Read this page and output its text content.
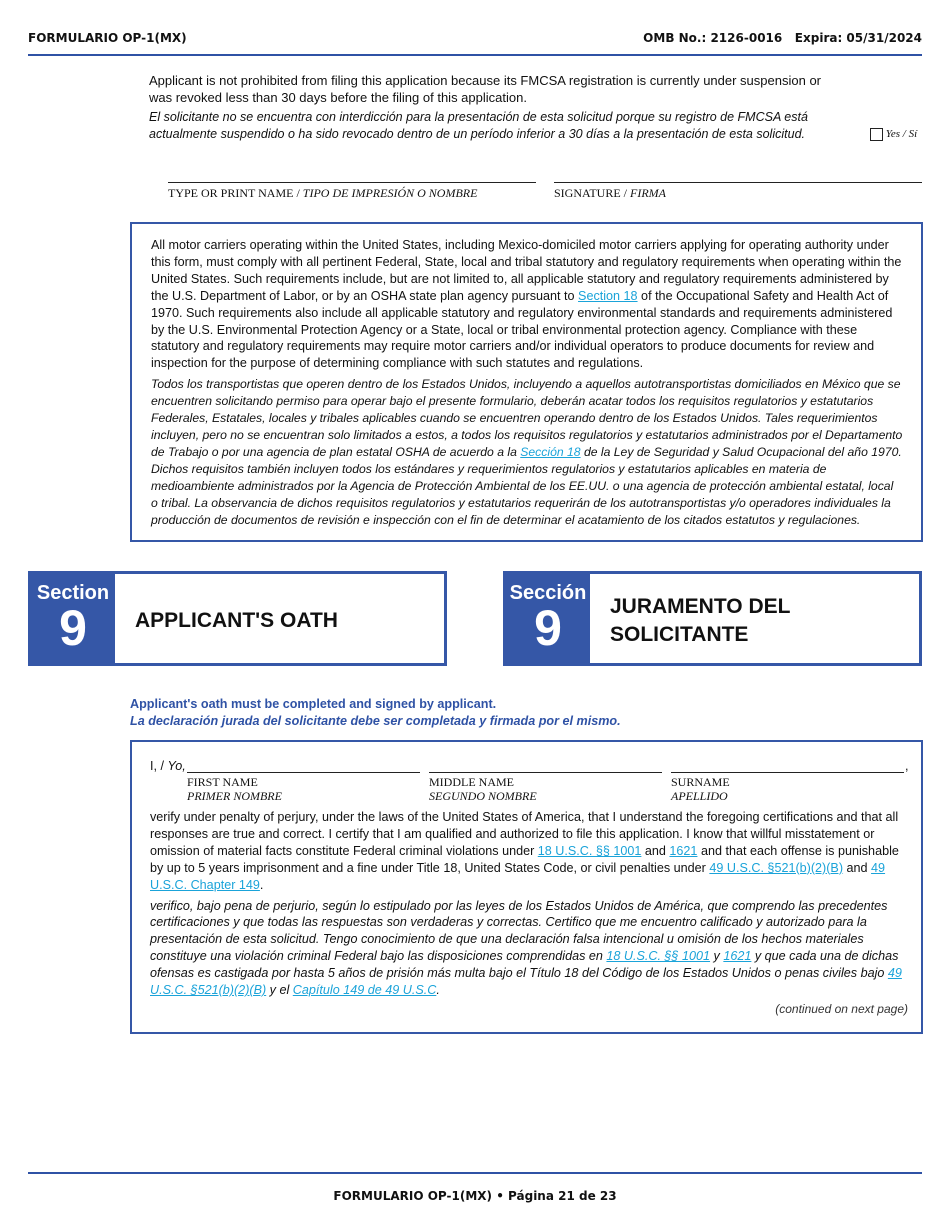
FORMULARIO OP-1(MX)	OMB No.: 2126-0016 Expira: 05/31/2024

Applicant is not prohibited from filing this application because its FMCSA registration is currently under suspension or was revoked less than 30 days before the filing of this application.

El solicitante no se encuentra con interdicción para la presentación de esta solicitud porque su registro de FMCSA está actualmente suspendido o ha sido revocado dentro de un período inferior a 30 días a la presentación de esta solicitud.	Yes / Sí
TYPE OR PRINT NAME / TIPO DE IMPRESIÓN O NOMBRE	SIGNATURE / FIRMA

All motor carriers operating within the United States, including Mexico-domiciled motor carriers applying for operating authority under this form, must comply with all pertinent Federal, State, local and tribal statutory and regulatory requirements when operating within the United States. Such requirements include, but are not limited to, all applicable statutory and regulatory requirements administered by the U.S. Department of Labor, or by an OSHA state plan agency pursuant to Section 18 of the Occupational Safety and Health Act of 1970. Such requirements also include all applicable statutory and regulatory environmental standards and requirements administered by the U.S. Environmental Protection Agency or a State, local or tribal environmental protection agency. Compliance with these statutory and regulatory requirements may require motor carriers and/or individual operators to produce documents for review and inspection for the purpose of determining compliance with such statutes and regulations.

Todos los transportistas que operen dentro de los Estados Unidos, incluyendo a aquellos autotransportistas domiciliados en México que se encuentren solicitando permiso para operar bajo el presente formulario, deberán acatar todos los requisitos regulatorios y estatutarios Federales, Estatales, locales y tribales aplicables cuando se encuentren operando dentro de los Estados Unidos. Tales requerimientos incluyen, pero no se encuentran solo limitados a estos, a todos los requisitos regulatorios y estatutarios administrados por el Departamento de Trabajo o por una agencia de plan estatal OSHA de acuerdo a la Sección 18 de la Ley de Seguridad y Salud Ocupacional del año 1970. Dichos requisitos también incluyen todos los estándares y requerimientos regulatorios y estatutarios aplicables en materia de medioambiente administrados por la Agencia de Protección Ambiental de los EE.UU. o una agencia de protección ambiental estatal, local o tribal. La observancia de dichos requisitos regulatorios y estatutarios requerirán de los autotransportistas y/o operadores individuales la producción de documentos de revisión e inspección con el fin de determinar el acatamiento de los citados estatutos y regulaciones.

Section
9	APPLICANT'S OATH
Sección
9	JURAMENTO DEL
SOLICITANTE
Applicant's oath must be completed and signed by applicant.
La declaración jurada del solicitante debe ser completada y firmada por el mismo.
I, / Yo,	,
FIRST NAME
PRIMER NOMBRE
MIDDLE NAME
SEGUNDO NOMBRE
SURNAME
APELLIDO

verify under penalty of perjury, under the laws of the United States of America, that I understand the foregoing certifications and that all responses are true and correct. I certify that I am qualified and authorized to file this application. I know that willful misstatement or omission of material facts constitute Federal criminal violations under 18 U.S.C. §§ 1001 and 1621 and that each offense is punishable by up to 5 years imprisonment and a fine under Title 18, United States Code, or civil penalties under 49 U.S.C. §521(b)(2)(B) and 49 U.S.C. Chapter 149.

verifico, bajo pena de perjurio, según lo estipulado por las leyes de los Estados Unidos de América, que comprendo las precedentes certificaciones y que todas las respuestas son verdaderas y correctas. Certifico que me encuentro calificado y autorizado para la presentación de esta solicitud. Tengo conocimiento de que una declaración falsa intencional u omisión de los hechos materiales constituye una violación criminal Federal bajo las disposiciones comprendidas en 18 U.S.C. §§ 1001 y 1621 y que cada una de dichas ofensas es castigada por hasta 5 años de prisión más multa bajo el Título 18 del Código de los Estados Unidos o penas civiles bajo 49 U.S.C. §521(b)(2)(B) y el Capítulo 149 de 49 U.S.C.

(continued on next page)

FORMULARIO OP-1(MX) • Página 21 de 23
